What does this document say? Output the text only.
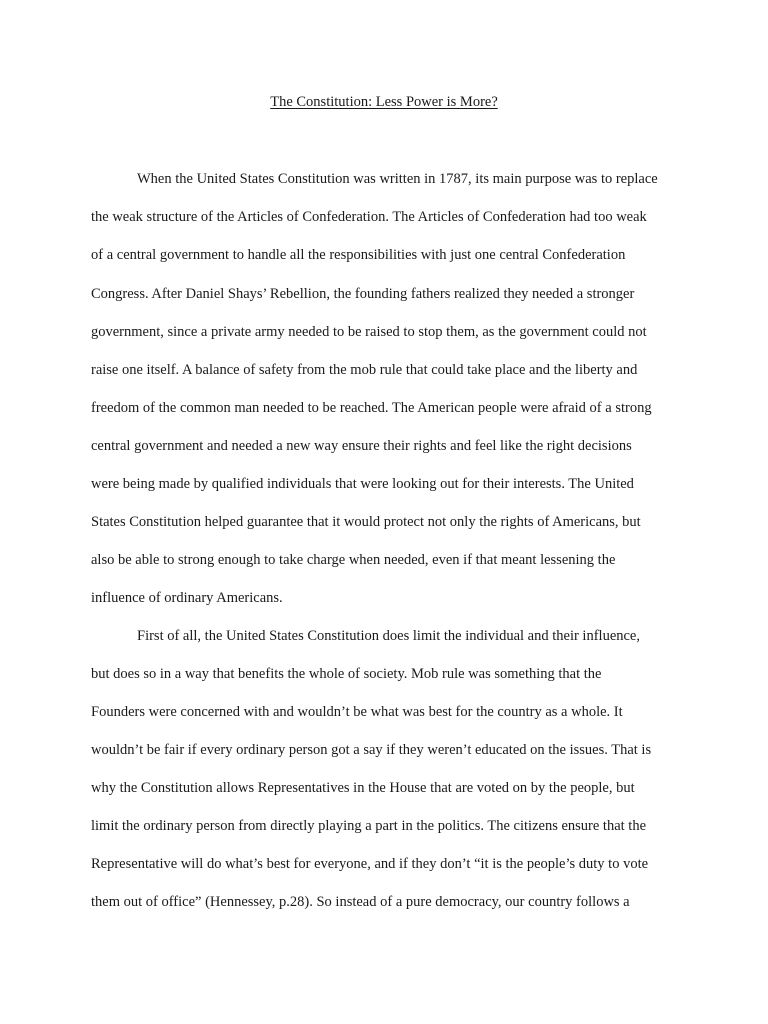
The Constitution: Less Power is More?

When the United States Constitution was written in 1787, its main purpose was to replace

the weak structure of the Articles of Confederation. The Articles of Confederation had too weak

of a central government to handle all the responsibilities with just one central Confederation

Congress. After Daniel Shays’ Rebellion, the founding fathers realized they needed a stronger

government, since a private army needed to be raised to stop them, as the government could not

raise one itself. A balance of safety from the mob rule that could take place and the liberty and

freedom of the common man needed to be reached. The American people were afraid of a strong

central government and needed a new way ensure their rights and feel like the right decisions

were being made by qualified individuals that were looking out for their interests. The United

States Constitution helped guarantee that it would protect not only the rights of Americans, but

also be able to strong enough to take charge when needed, even if that meant lessening the

influence of ordinary Americans.

First of all, the United States Constitution does limit the individual and their influence,

but does so in a way that benefits the whole of society. Mob rule was something that the

Founders were concerned with and wouldn’t be what was best for the country as a whole. It

wouldn’t be fair if every ordinary person got a say if they weren’t educated on the issues. That is

why the Constitution allows Representatives in the House that are voted on by the people, but

limit the ordinary person from directly playing a part in the politics. The citizens ensure that the

Representative will do what’s best for everyone, and if they don’t “it is the people’s duty to vote

them out of office” (Hennessey, p.28). So instead of a pure democracy, our country follows a
